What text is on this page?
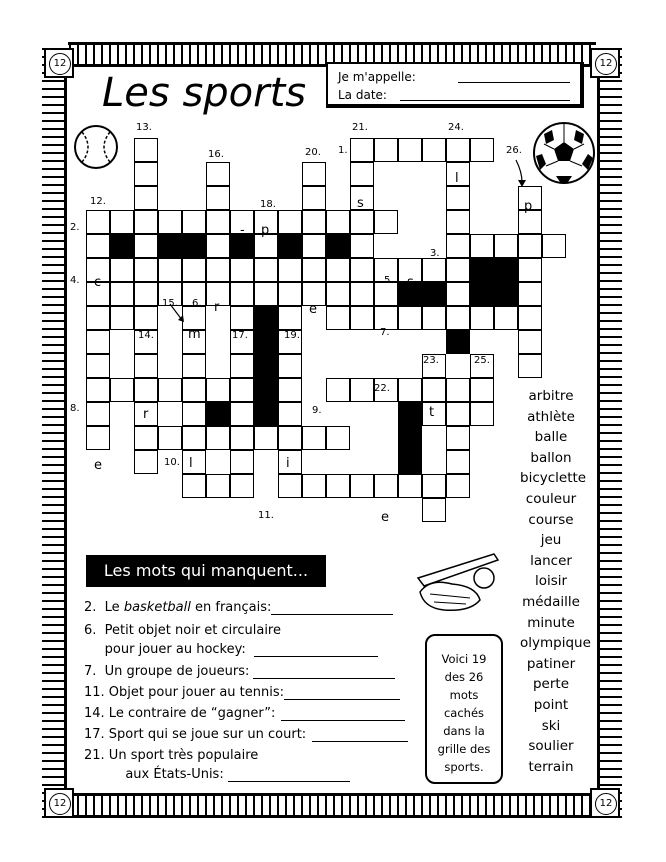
12	12
12	12
Les sports	Je m'appelle:
La date:
- p
s
l
p
c	s
r	e
m	u
r	t
e	l	i
e
1.
2.
3.
4.	5.
6.
7.
8.	9.
10.
11.
12.
13.
14.
15.
16.
17.
18.
19.
20.
21.
22.
23.
24.
25.
26.
arbitre
athlète
balle
ballon
bicyclette
couleur
course
jeu
lancer
loisir
médaille
minute
olympique
patiner
perte
point
ski
soulier
terrain
Les mots qui manquent...
2.  Le basketball en français:
6.  Petit objet noir et circulaire
pour jouer au hockey:
7.  Un groupe de joueurs:
11. Objet pour jouer au tennis:
14. Le contraire de “gagner”:
17. Sport qui se joue sur un court:
21. Un sport très populaire
aux États-Unis:
Voici 19
des 26
mots
cachés
dans la
grille des
sports.
